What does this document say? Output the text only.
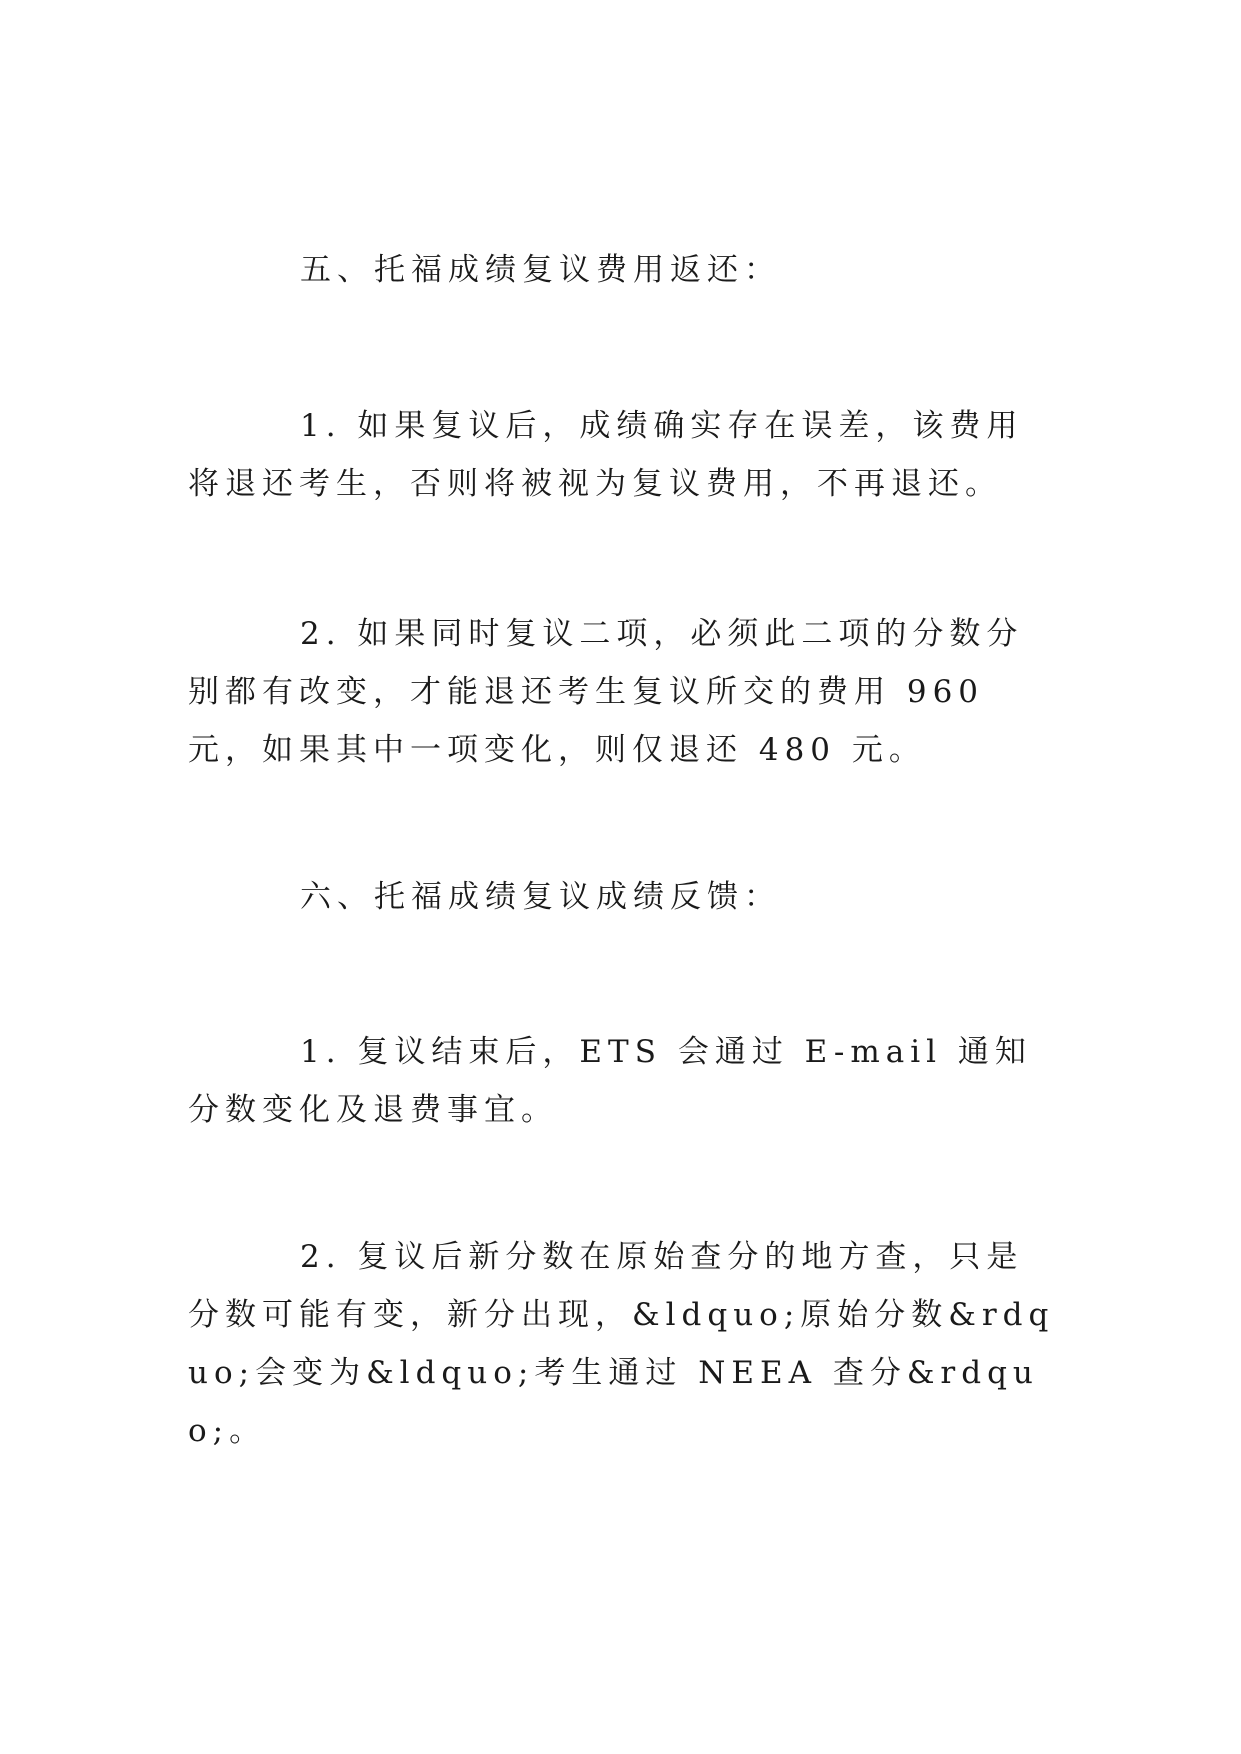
五、托福成绩复议费用返还：

1. 如果复议后，成绩确实存在误差，该费用将退还考生，否则将被视为复议费用，不再退还。

2. 如果同时复议二项，必须此二项的分数分别都有改变，才能退还考生复议所交的费用 960 元，如果其中一项变化，则仅退还 480 元。

六、托福成绩复议成绩反馈：

1. 复议结束后，ETS 会通过 E-mail 通知分数变化及退费事宜。

2. 复议后新分数在原始查分的地方查，只是分数可能有变，新分出现，&ldquo;原始分数&rdquo;会变为&ldquo;考生通过 NEEA 查分&rdquo;。
